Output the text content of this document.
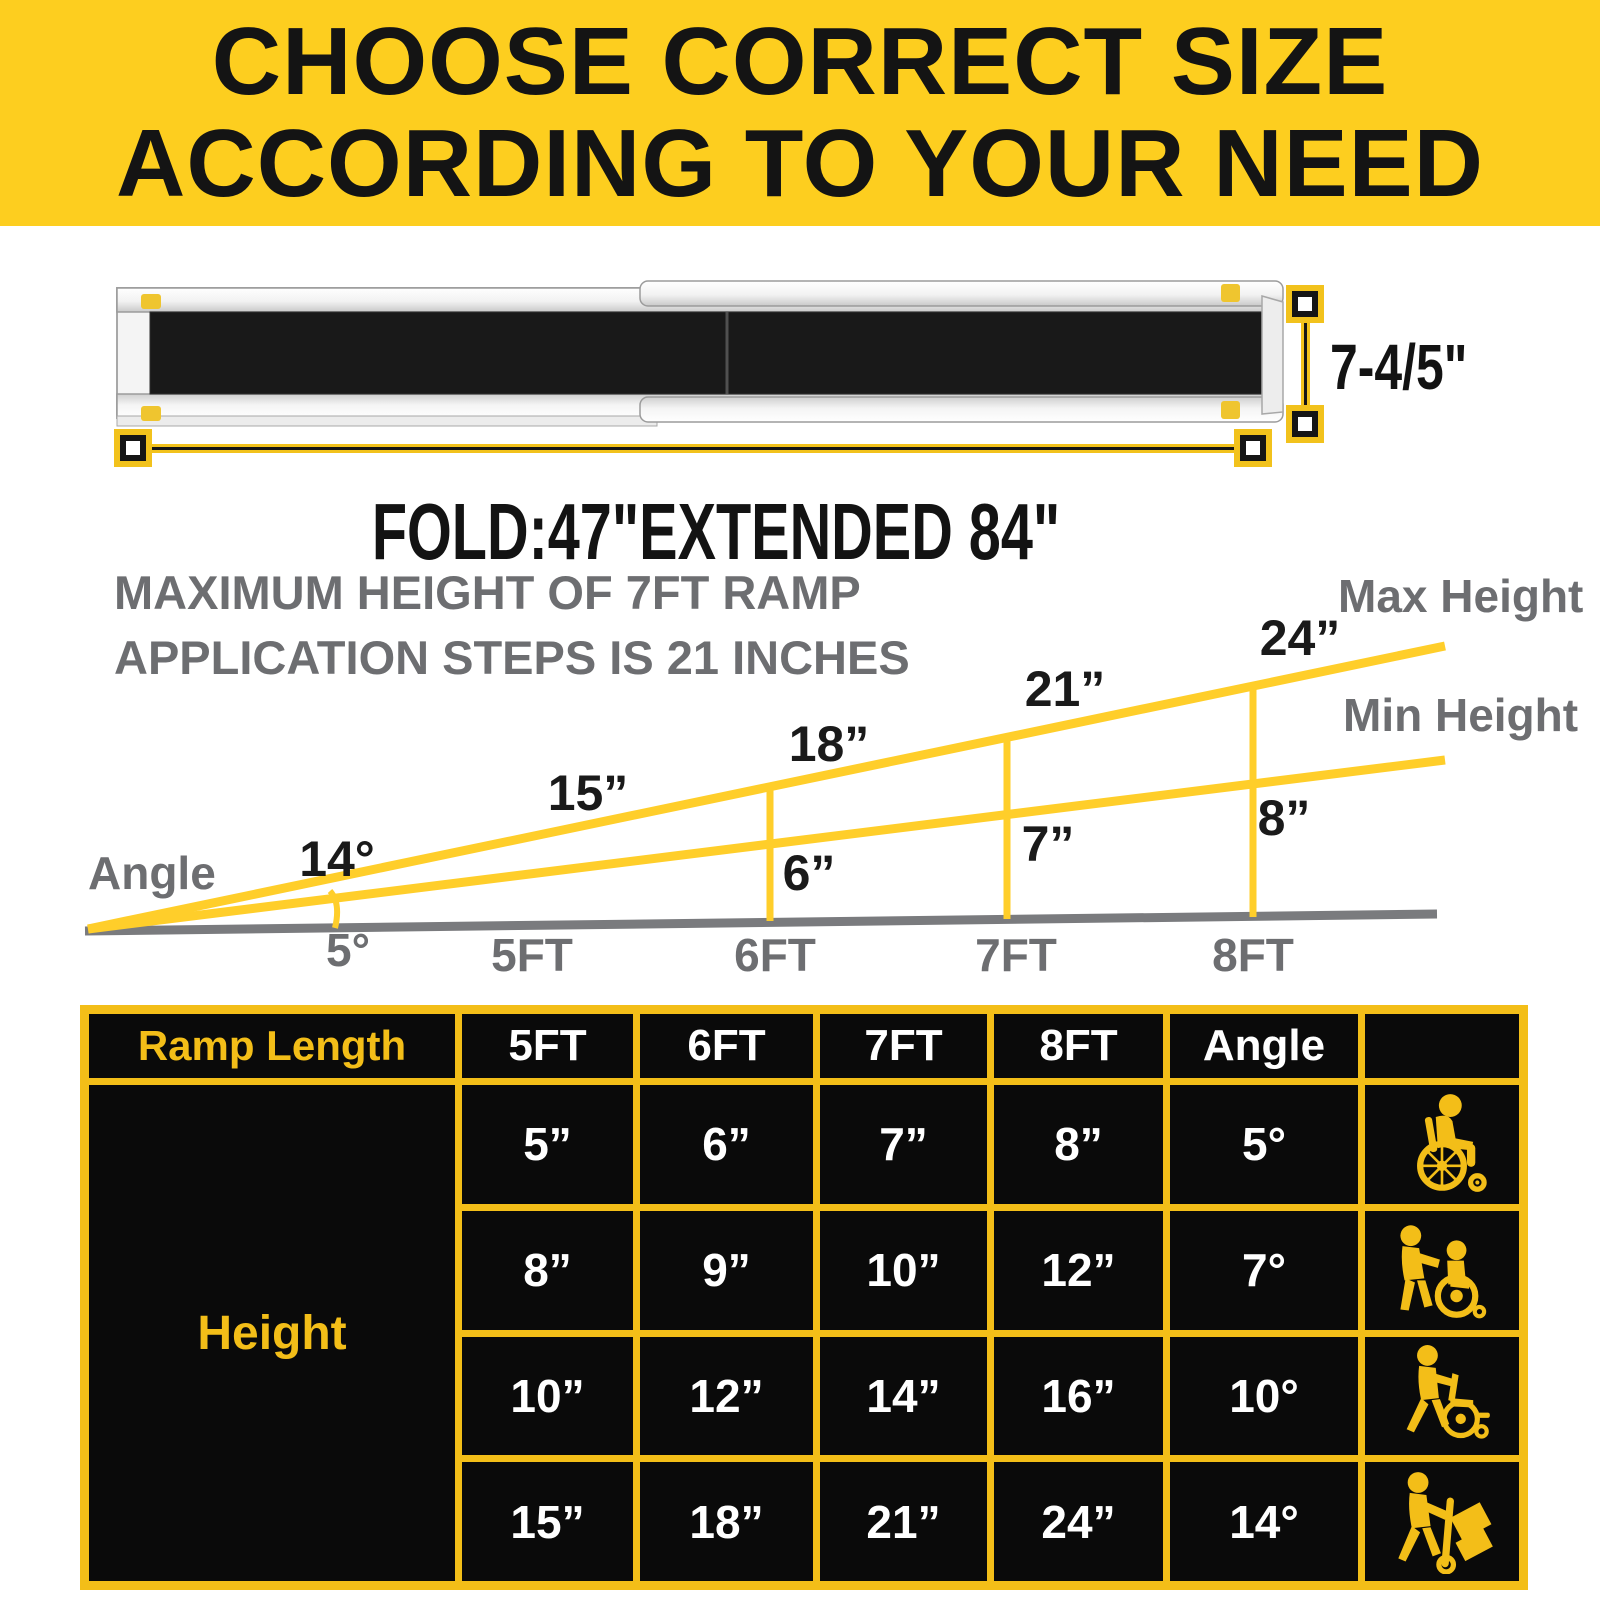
CHOOSE CORRECT SIZE
ACCORDING TO YOUR NEED
7-4/5"
FOLD:47"EXTENDED 84"
MAXIMUM HEIGHT OF 7FT RAMP
APPLICATION STEPS IS 21 INCHES
Angle
Max Height
Min Height
14°
5°
15”
18”
21”
24”
6”
7”	8”
5FT	6FT	7FT	8FT
Ramp Length	5FT	6FT	7FT	8FT	Angle
Height
5”	6”	7”	8”	5°
8”	9”	10”	12”	7°
10”	12”	14”	16”	10°
15”	18”	21”	24”	14°
